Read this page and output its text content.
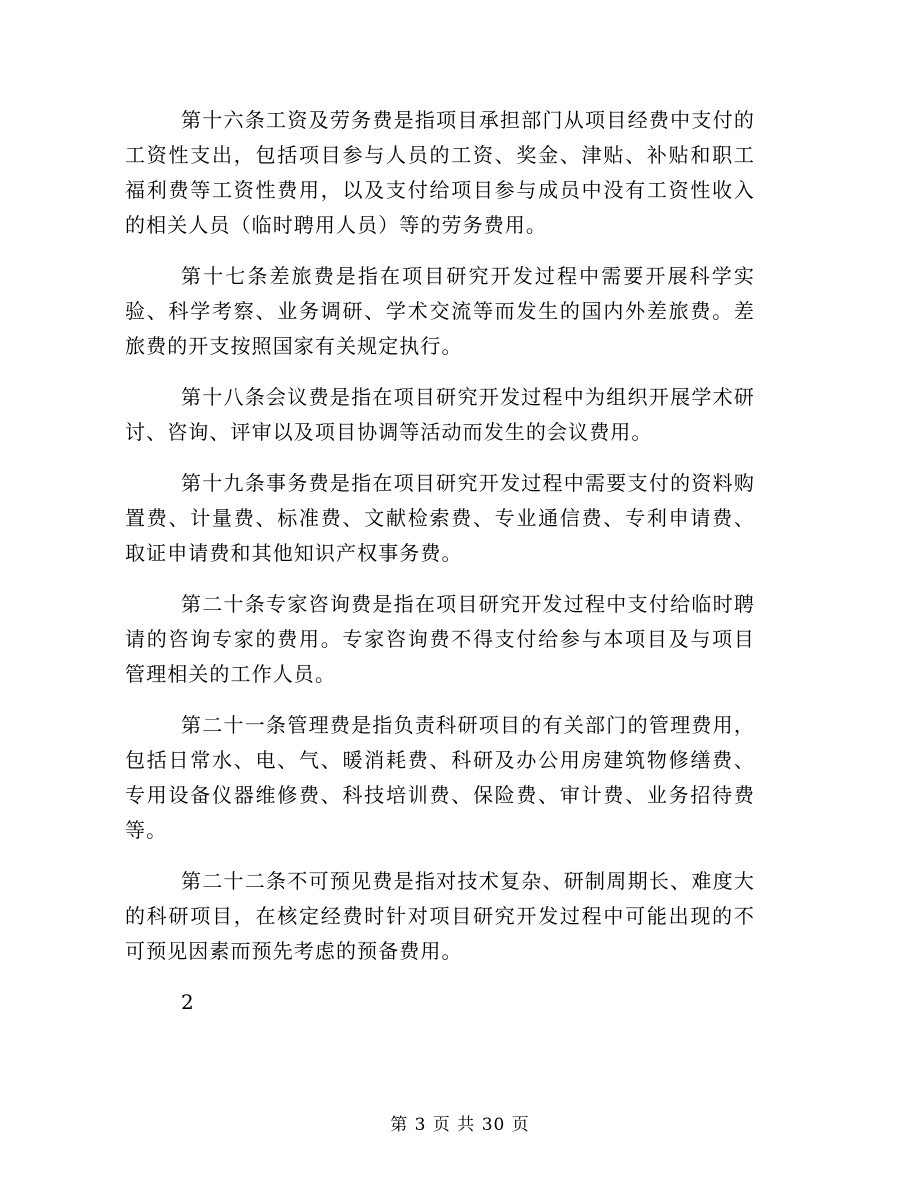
第十六条工资及劳务费是指项目承担部门从项目经费中支付的工资性支出，包括项目参与人员的工资、奖金、津贴、补贴和职工福利费等工资性费用，以及支付给项目参与成员中没有工资性收入的相关人员（临时聘用人员）等的劳务费用。

第十七条差旅费是指在项目研究开发过程中需要开展科学实验、科学考察、业务调研、学术交流等而发生的国内外差旅费。差旅费的开支按照国家有关规定执行。

第十八条会议费是指在项目研究开发过程中为组织开展学术研讨、咨询、评审以及项目协调等活动而发生的会议费用。

第十九条事务费是指在项目研究开发过程中需要支付的资料购置费、计量费、标准费、文献检索费、专业通信费、专利申请费、取证申请费和其他知识产权事务费。

第二十条专家咨询费是指在项目研究开发过程中支付给临时聘请的咨询专家的费用。专家咨询费不得支付给参与本项目及与项目管理相关的工作人员。

第二十一条管理费是指负责科研项目的有关部门的管理费用，包括日常水、电、气、暖消耗费、科研及办公用房建筑物修缮费、专用设备仪器维修费、科技培训费、保险费、审计费、业务招待费等。

第二十二条不可预见费是指对技术复杂、研制周期长、难度大的科研项目，在核定经费时针对项目研究开发过程中可能出现的不可预见因素而预先考虑的预备费用。

2

第 3 页 共 30 页
